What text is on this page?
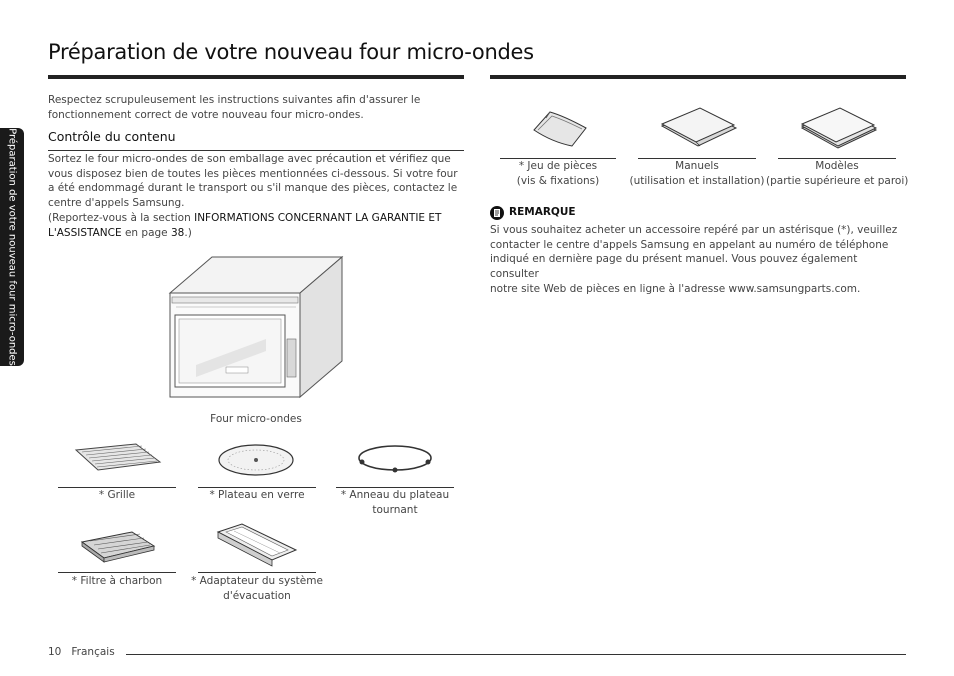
Préparation de votre nouveau four micro-ondes
Préparation de votre nouveau four micro-ondes
Respectez scrupuleusement les instructions suivantes afin d'assurer le fonctionnement correct de votre nouveau four micro-ondes.
Contrôle du contenu
Sortez le four micro-ondes de son emballage avec précaution et vérifiez que
vous disposez bien de toutes les pièces mentionnées ci-dessous. Si votre four
a été endommagé durant le transport ou s'il manque des pièces, contactez le
centre d'appels Samsung.
(Reportez-vous à la section INFORMATIONS CONCERNANT LA GARANTIE ET
L'ASSISTANCE en page 38.)
Four micro-ondes
* Grille	* Plateau en verre	* Anneau du plateau
tournant
* Filtre à charbon	* Adaptateur du système
d'évacuation
* Jeu de pièces
(vis & fixations)
Manuels
(utilisation et installation)
Modèles
(partie supérieure et paroi)
REMARQUE
Si vous souhaitez acheter un accessoire repéré par un astérisque (*), veuillez
contacter le centre d'appels Samsung en appelant au numéro de téléphone
indiqué en dernière page du présent manuel. Vous pouvez également consulter
notre site Web de pièces en ligne à l'adresse www.samsungparts.com.
10 Français
